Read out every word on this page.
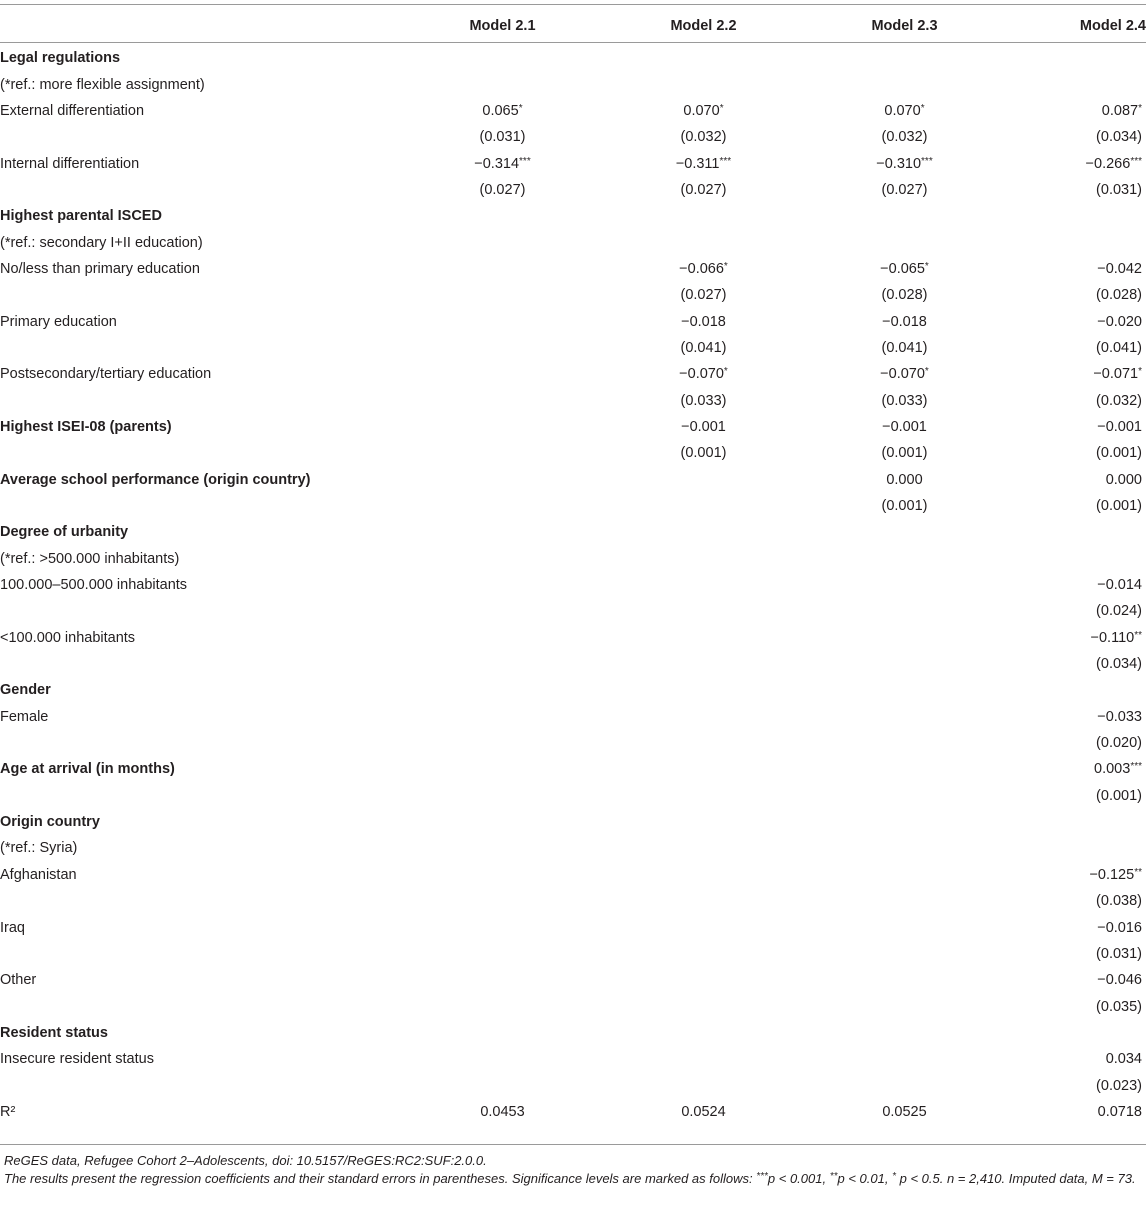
	Model 2.1	Model 2.2	Model 2.3	Model 2.4
Legal regulations				
(*ref.: more flexible assignment)				
External differentiation	0.065*	0.070*	0.070*	0.087*
	(0.031)	(0.032)	(0.032)	(0.034)
Internal differentiation	−0.314***	−0.311***	−0.310***	−0.266***
	(0.027)	(0.027)	(0.027)	(0.031)
Highest parental ISCED				
(*ref.: secondary I+II education)				
No/less than primary education		−0.066*	−0.065*	−0.042
		(0.027)	(0.028)	(0.028)
Primary education		−0.018	−0.018	−0.020
		(0.041)	(0.041)	(0.041)
Postsecondary/tertiary education		−0.070*	−0.070*	−0.071*
		(0.033)	(0.033)	(0.032)
Highest ISEI-08 (parents)		−0.001	−0.001	−0.001
		(0.001)	(0.001)	(0.001)
Average school performance (origin country)			0.000	0.000
			(0.001)	(0.001)
Degree of urbanity				
(*ref.: >500.000 inhabitants)				
100.000–500.000 inhabitants				−0.014
				(0.024)
<100.000 inhabitants				−0.110**
				(0.034)
Gender				
Female				−0.033
				(0.020)
Age at arrival (in months)				0.003***
				(0.001)
Origin country				
(*ref.: Syria)				
Afghanistan				−0.125**
				(0.038)
Iraq				−0.016
				(0.031)
Other				−0.046
				(0.035)
Resident status				
Insecure resident status				0.034
				(0.023)
R²	0.0453	0.0524	0.0525	0.0718

ReGES data, Refugee Cohort 2–Adolescents, doi: 10.5157/ReGES:RC2:SUF:2.0.0.

The results present the regression coefficients and their standard errors in parentheses. Significance levels are marked as follows: ***p < 0.001, **p < 0.01, * p < 0.5. n = 2,410. Imputed data, M = 73.
